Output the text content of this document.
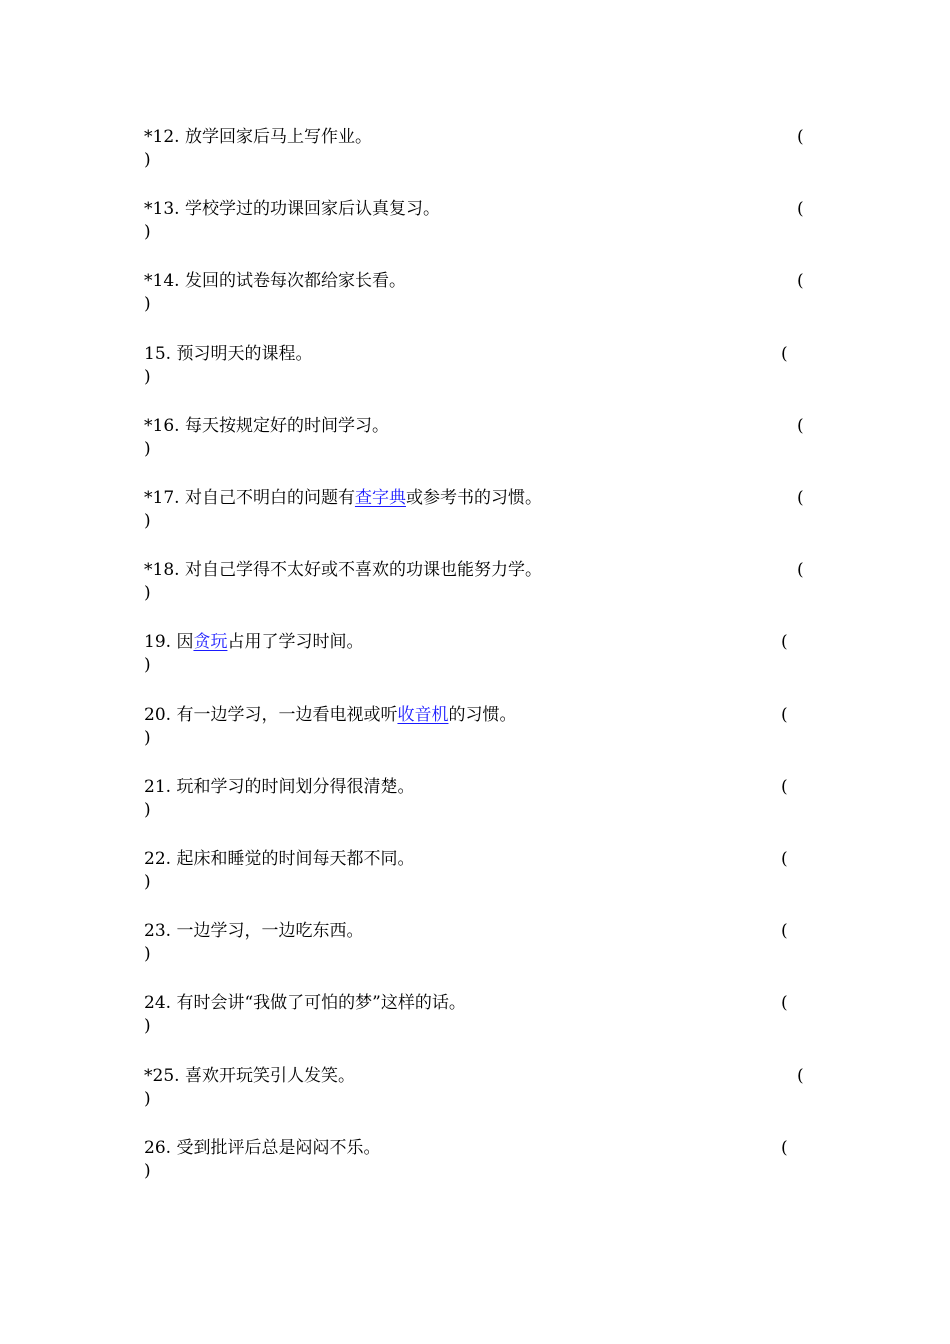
*12. 放学回家后马上写作业。	(
)
*13. 学校学过的功课回家后认真复习。	(
)
*14. 发回的试卷每次都给家长看。	(
)
15. 预习明天的课程。	(
)
*16. 每天按规定好的时间学习。	(
)
*17. 对自己不明白的问题有查字典或参考书的习惯。	(
)
*18. 对自己学得不太好或不喜欢的功课也能努力学。	(
)
19. 因贪玩占用了学习时间。	(
)
20. 有一边学习，一边看电视或听收音机的习惯。	(
)
21. 玩和学习的时间划分得很清楚。	(
)
22. 起床和睡觉的时间每天都不同。	(
)
23. 一边学习，一边吃东西。	(
)
24. 有时会讲“我做了可怕的梦”这样的话。	(
)
*25. 喜欢开玩笑引人发笑。	(
)
26. 受到批评后总是闷闷不乐。	(
)
